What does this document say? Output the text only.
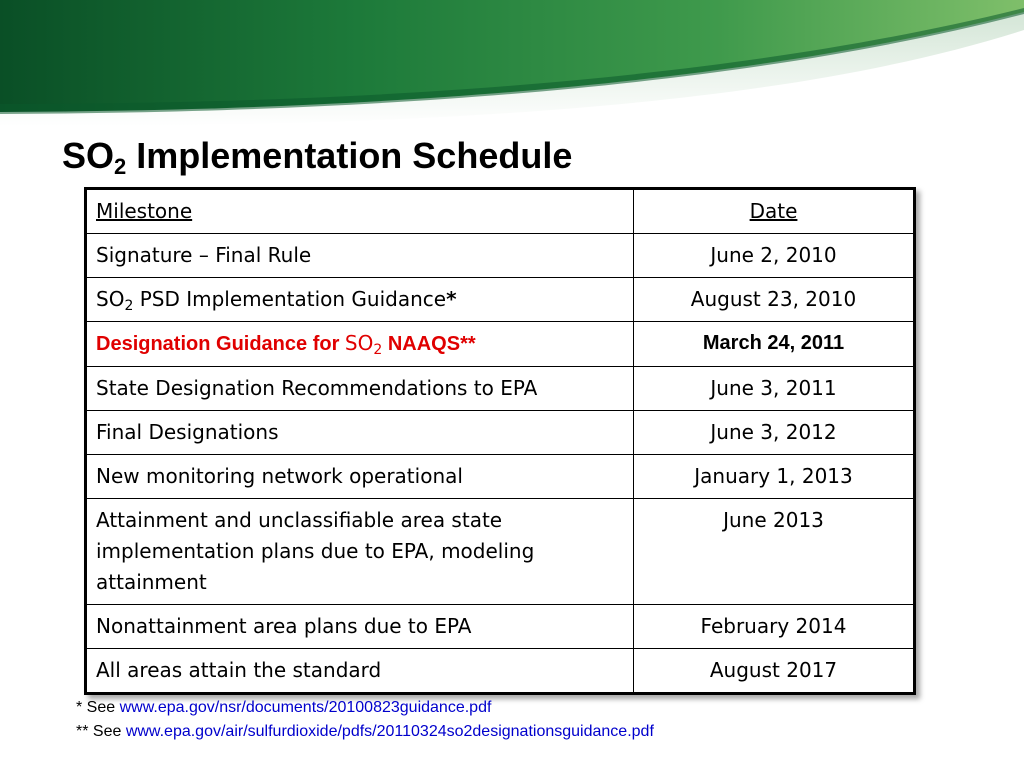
$SO_2$ Implementation Schedule
Milestone	Date
Signature – Final Rule	June 2, 2010
$SO_2$ PSD Implementation Guidance*	August 23, 2010
Designation Guidance for $SO_2$ NAAQS**	March 24, 2011
State Designation Recommendations to EPA	June 3, 2011
Final Designations	June 3, 2012
New monitoring network operational	January 1, 2013
Attainment and unclassifiable area state implementation plans due to EPA, modeling attainment	June 2013
Nonattainment area plans due to EPA	February 2014
All areas attain the standard	August 2017
* See www.epa.gov/nsr/documents/20100823guidance.pdf
** See www.epa.gov/air/sulfurdioxide/pdfs/20110324so2designationsguidance.pdf
